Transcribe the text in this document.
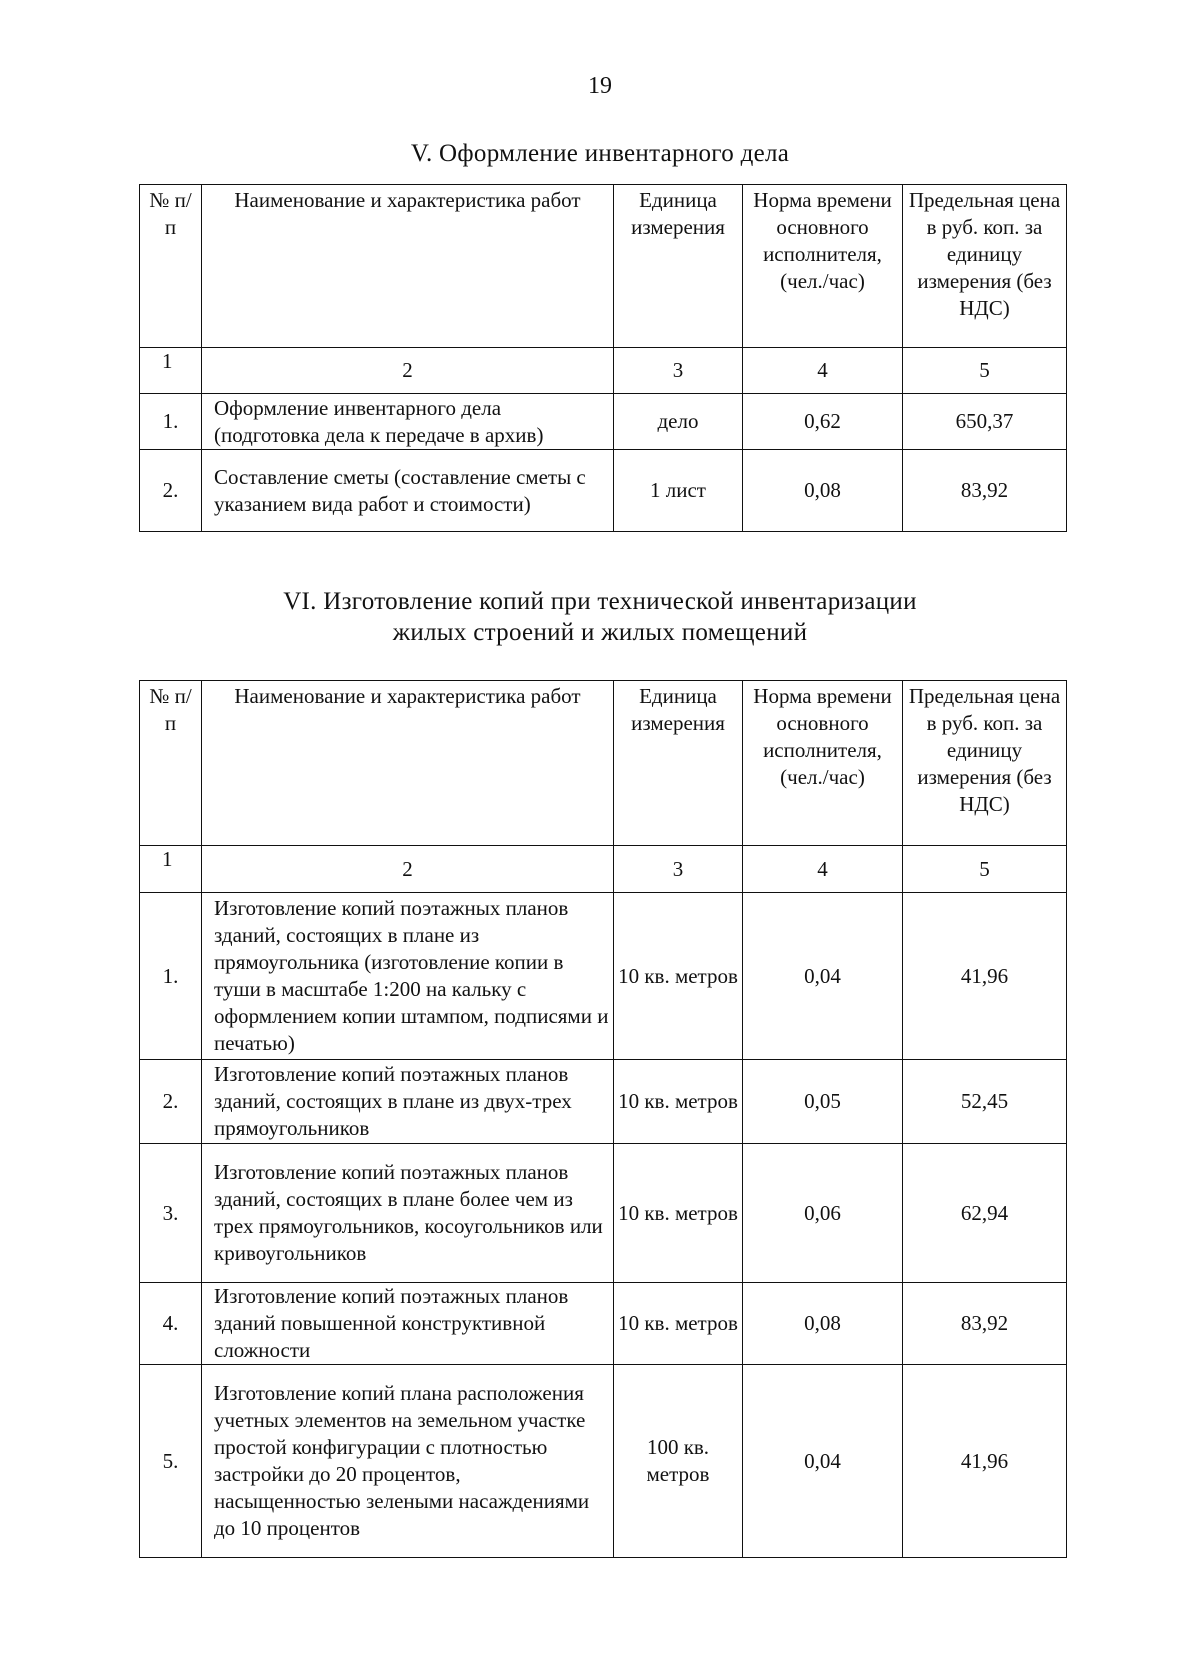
19
V. Оформление инвентарного дела
№ п/п	Наименование и характеристика работ	Единица измерения	Норма времени основного исполнителя, (чел./час)	Предельная цена в руб. коп. за единицу измерения (без НДС)
1	2	3	4	5
1.	Оформление инвентарного дела (подготовка дела к передаче в архив)	дело	0,62	650,37
2.	Составление сметы (составление сметы с указанием вида работ и стоимости)	1 лист	0,08	83,92
VI. Изготовление копий при технической инвентаризации
жилых строений и жилых помещений
№ п/п	Наименование и характеристика работ	Единица измерения	Норма времени основного исполнителя, (чел./час)	Предельная цена в руб. коп. за единицу измерения (без НДС)
1	2	3	4	5
1.	Изготовление копий поэтажных планов зданий, состоящих в плане из прямоугольника (изготовление копии в туши в масштабе 1:200 на кальку с оформлением копии штампом, подписями и печатью)	10 кв. метров	0,04	41,96
2.	Изготовление копий поэтажных планов зданий, состоящих в плане из двух-трех прямоугольников	10 кв. метров	0,05	52,45
3.	Изготовление копий поэтажных планов зданий, состоящих в плане более чем из трех прямоугольников, косоугольников или кривоугольников	10 кв. метров	0,06	62,94
4.	Изготовление копий поэтажных планов зданий повышенной конструктивной сложности	10 кв. метров	0,08	83,92
5.	Изготовление копий плана расположения учетных элементов на земельном участке простой конфигурации с плотностью застройки до 20 процентов, насыщенностью зелеными насаждениями до 10 процентов	100 кв. метров	0,04	41,96
